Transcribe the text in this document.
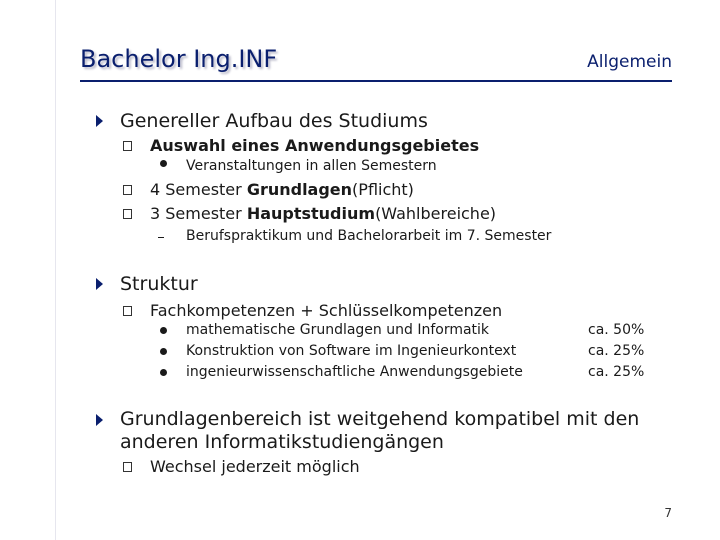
Bachelor Ing.INF	Allgemein
Genereller Aufbau des Studiums
Auswahl eines Anwendungsgebietes
Veranstaltungen in allen Semestern
4 Semester Grundlagen(Pflicht)
3 Semester Hauptstudium(Wahlbereiche)
Berufspraktikum und Bachelorarbeit im 7. Semester
Struktur
Fachkompetenzen + Schlüsselkompetenzen
mathematische Grundlagen und Informatik	ca. 50%
Konstruktion von Software im Ingenieurkontext	ca. 25%
ingenieurwissenschaftliche Anwendungsgebiete	ca. 25%
Grundlagenbereich ist weitgehend kompatibel mit den
anderen Informatikstudiengängen
Wechsel jederzeit möglich
7
